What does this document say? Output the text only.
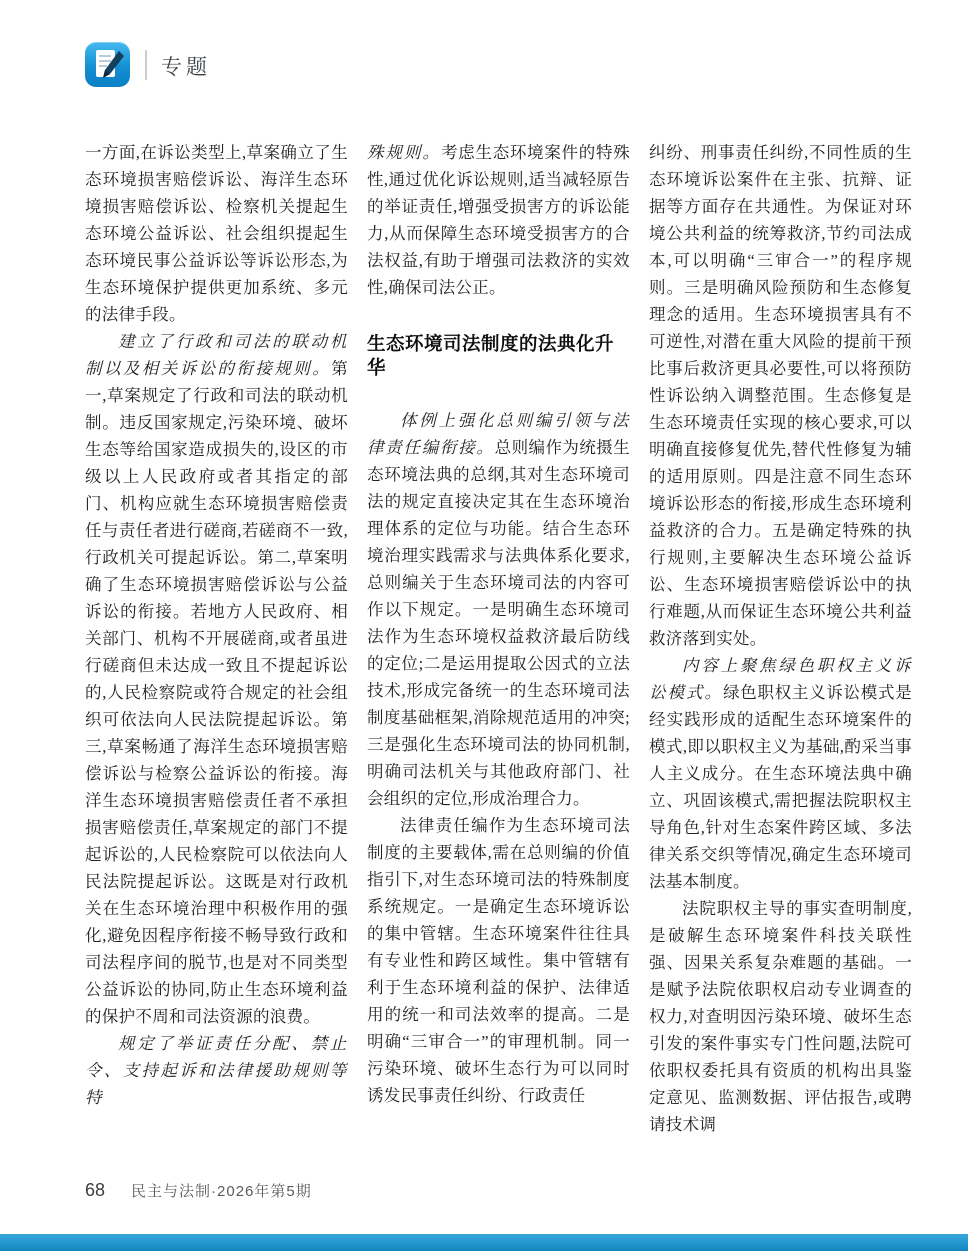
专题

一方面,在诉讼类型上,草案确立了生态环境损害赔偿诉讼、海洋生态环境损害赔偿诉讼、检察机关提起生态环境公益诉讼、社会组织提起生态环境民事公益诉讼等诉讼形态,为生态环境保护提供更加系统、多元的法律手段。

建立了行政和司法的联动机制以及相关诉讼的衔接规则。第一,草案规定了行政和司法的联动机制。违反国家规定,污染环境、破坏生态等给国家造成损失的,设区的市级以上人民政府或者其指定的部门、机构应就生态环境损害赔偿责任与责任者进行磋商,若磋商不一致,行政机关可提起诉讼。第二,草案明确了生态环境损害赔偿诉讼与公益诉讼的衔接。若地方人民政府、相关部门、机构不开展磋商,或者虽进行磋商但未达成一致且不提起诉讼的,人民检察院或符合规定的社会组织可依法向人民法院提起诉讼。第三,草案畅通了海洋生态环境损害赔偿诉讼与检察公益诉讼的衔接。海洋生态环境损害赔偿责任者不承担损害赔偿责任,草案规定的部门不提起诉讼的,人民检察院可以依法向人民法院提起诉讼。这既是对行政机关在生态环境治理中积极作用的强化,避免因程序衔接不畅导致行政和司法程序间的脱节,也是对不同类型公益诉讼的协同,防止生态环境利益的保护不周和司法资源的浪费。

规定了举证责任分配、禁止令、支持起诉和法律援助规则等特

殊规则。考虑生态环境案件的特殊性,通过优化诉讼规则,适当减轻原告的举证责任,增强受损害方的诉讼能力,从而保障生态环境受损害方的合法权益,有助于增强司法救济的实效性,确保司法公正。

生态环境司法制度的法典化升华

体例上强化总则编引领与法律责任编衔接。总则编作为统摄生态环境法典的总纲,其对生态环境司法的规定直接决定其在生态环境治理体系的定位与功能。结合生态环境治理实践需求与法典体系化要求,总则编关于生态环境司法的内容可作以下规定。一是明确生态环境司法作为生态环境权益救济最后防线的定位;二是运用提取公因式的立法技术,形成完备统一的生态环境司法制度基础框架,消除规范适用的冲突;三是强化生态环境司法的协同机制,明确司法机关与其他政府部门、社会组织的定位,形成治理合力。

法律责任编作为生态环境司法制度的主要载体,需在总则编的价值指引下,对生态环境司法的特殊制度系统规定。一是确定生态环境诉讼的集中管辖。生态环境案件往往具有专业性和跨区域性。集中管辖有利于生态环境利益的保护、法律适用的统一和司法效率的提高。二是明确“三审合一”的审理机制。同一污染环境、破坏生态行为可以同时诱发民事责任纠纷、行政责任

纠纷、刑事责任纠纷,不同性质的生态环境诉讼案件在主张、抗辩、证据等方面存在共通性。为保证对环境公共利益的统筹救济,节约司法成本,可以明确“三审合一”的程序规则。三是明确风险预防和生态修复理念的适用。生态环境损害具有不可逆性,对潜在重大风险的提前干预比事后救济更具必要性,可以将预防性诉讼纳入调整范围。生态修复是生态环境责任实现的核心要求,可以明确直接修复优先,替代性修复为辅的适用原则。四是注意不同生态环境诉讼形态的衔接,形成生态环境利益救济的合力。五是确定特殊的执行规则,主要解决生态环境公益诉讼、生态环境损害赔偿诉讼中的执行难题,从而保证生态环境公共利益救济落到实处。

内容上聚焦绿色职权主义诉讼模式。绿色职权主义诉讼模式是经实践形成的适配生态环境案件的模式,即以职权主义为基础,酌采当事人主义成分。在生态环境法典中确立、巩固该模式,需把握法院职权主导角色,针对生态案件跨区域、多法律关系交织等情况,确定生态环境司法基本制度。

法院职权主导的事实查明制度,是破解生态环境案件科技关联性强、因果关系复杂难题的基础。一是赋予法院依职权启动专业调查的权力,对查明因污染环境、破坏生态引发的案件事实专门性问题,法院可依职权委托具有资质的机构出具鉴定意见、监测数据、评估报告,或聘请技术调

68 民主与法制·2026年第5期
